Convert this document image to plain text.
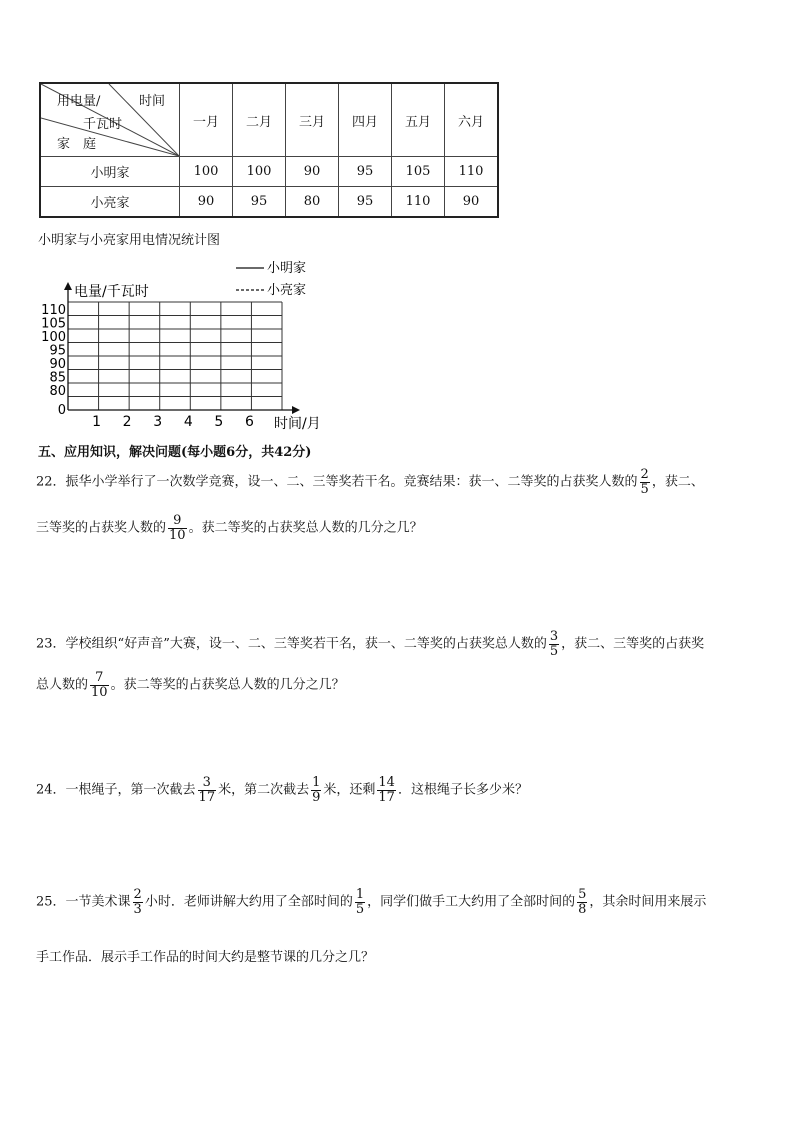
用电量/ 时间
千瓦时
家　庭	一月	二月	三月	四月	五月	六月
小明家	100	100	90	95	105	110
小亮家	90	95	80	95	110	90
小明家与小亮家用电情况统计图
电量/千瓦时
时间/月
110
105
100
95
90
85
80
0
1 2 3 4 5 6
小明家
小亮家
五、应用知识，解决问题(每小题6分，共42分)
22．振华小学举行了一次数学竞赛，设一、二、三等奖若干名。竞赛结果：获一、二等奖的占获奖人数的 $\frac{2}{5}$ ，获二、
三等奖的占获奖人数的 $\frac{9}{10}$ 。获二等奖的占获奖总人数的几分之几？
23．学校组织“好声音”大赛，设一、二、三等奖若干名，获一、二等奖的占获奖总人数的 $\frac{3}{5}$ ，获二、三等奖的占获奖
总人数的 $\frac{7}{10}$ 。获二等奖的占获奖总人数的几分之几？
24．一根绳子，第一次截去 $\frac{3}{17}$ 米，第二次截去 $\frac{1}{9}$ 米，还剩 $\frac{14}{17}$ ．这根绳子长多少米？
25．一节美术课 $\frac{2}{3}$ 小时．老师讲解大约用了全部时间的 $\frac{1}{5}$ ，同学们做手工大约用了全部时间的 $\frac{5}{8}$ ，其余时间用来展示
手工作品．展示手工作品的时间大约是整节课的几分之几？
